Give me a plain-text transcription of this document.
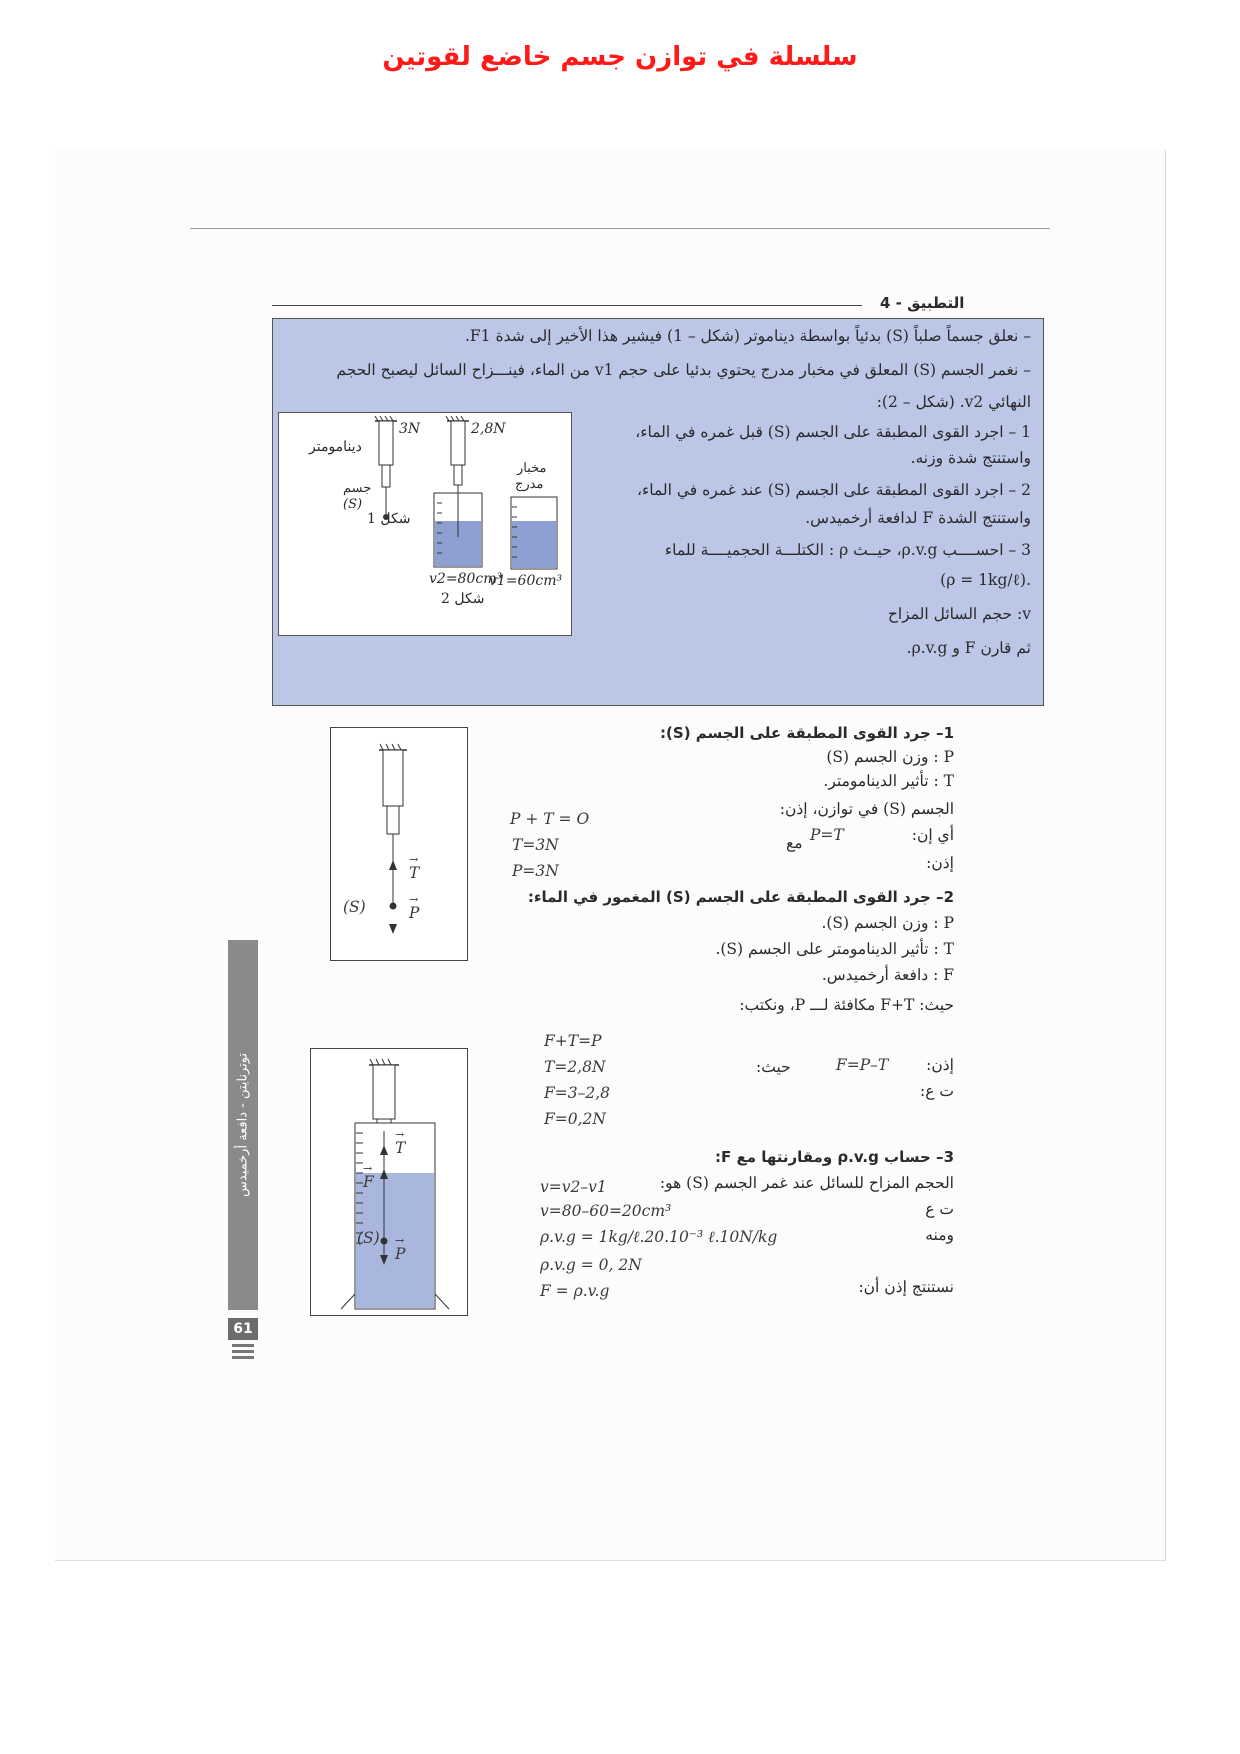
سلسلة في توازن جسم خاضع لقوتين
التطبيق - 4
– نعلق جسماً صلباً (S) بدئياً بواسطة ديناموتر (شكل – 1) فيشير هذا الأخير إلى شدة F1.
– نغمر الجسم (S) المعلق في مخبار مدرج يحتوي بدئيا على حجم v1 من الماء، فينـــزاح السائل ليصبح الحجم
النهائي v2. (شكل – 2):
1 – اجرد القوى المطبقة على الجسم (S) قبل غمره في الماء،
واستنتج شدة وزنه.
2 – اجرد القوى المطبقة على الجسم (S) عند غمره في الماء،
واستنتج الشدة F لدافعة أرخميدس.
3 – احســــب ρ.v.g، حيــث ρ : الكتلـــة الحجميــــة للماء
.(ρ = 1kg/ℓ)
v: حجم السائل المزاح
ثم قارن F و ρ.v.g.
3N	2,8N
دينامومتر
مخبار
مدرج
جسم
(S)
شكل 1
v2=80cm³
v1=60cm³
شكل 2
→ T
(S)
→	P
1– جرد القوى المطبقة على الجسم (S):
P : وزن الجسم (S)
T : تأثير الدينامومتر.
الجسم (S) في توازن، إذن:
P + T = O
أي إن:
P=T
مع
T=3N
إذن:
P=3N
2– جرد القوى المطبقة على الجسم (S) المغمور في الماء:
P : وزن الجسم (S).
T : تأثير الدينامومتر على الجسم (S).
F : دافعة أرخميدس.
حيث: F+T مكافئة لـــ P، ونكتب:
F+T=P
إذن:
F=P–T
حيث:
T=2,8N
ت ع:
F=3–2,8
F=0,2N
→ T
→ F
(S)
→ P
3– حساب ρ.v.g ومقارنتها مع F:
الحجم المزاح للسائل عند غمر الجسم (S) هو:
v=v2–v1
ت ع
v=80–60=20cm³
ومنه
ρ.v.g = 1kg/ℓ.20.10⁻³ ℓ.10N/kg
ρ.v.g = 0, 2N
نستنتج إذن أن:
F = ρ.v.g
توترنايتن - دافعة أرخميدس
61
